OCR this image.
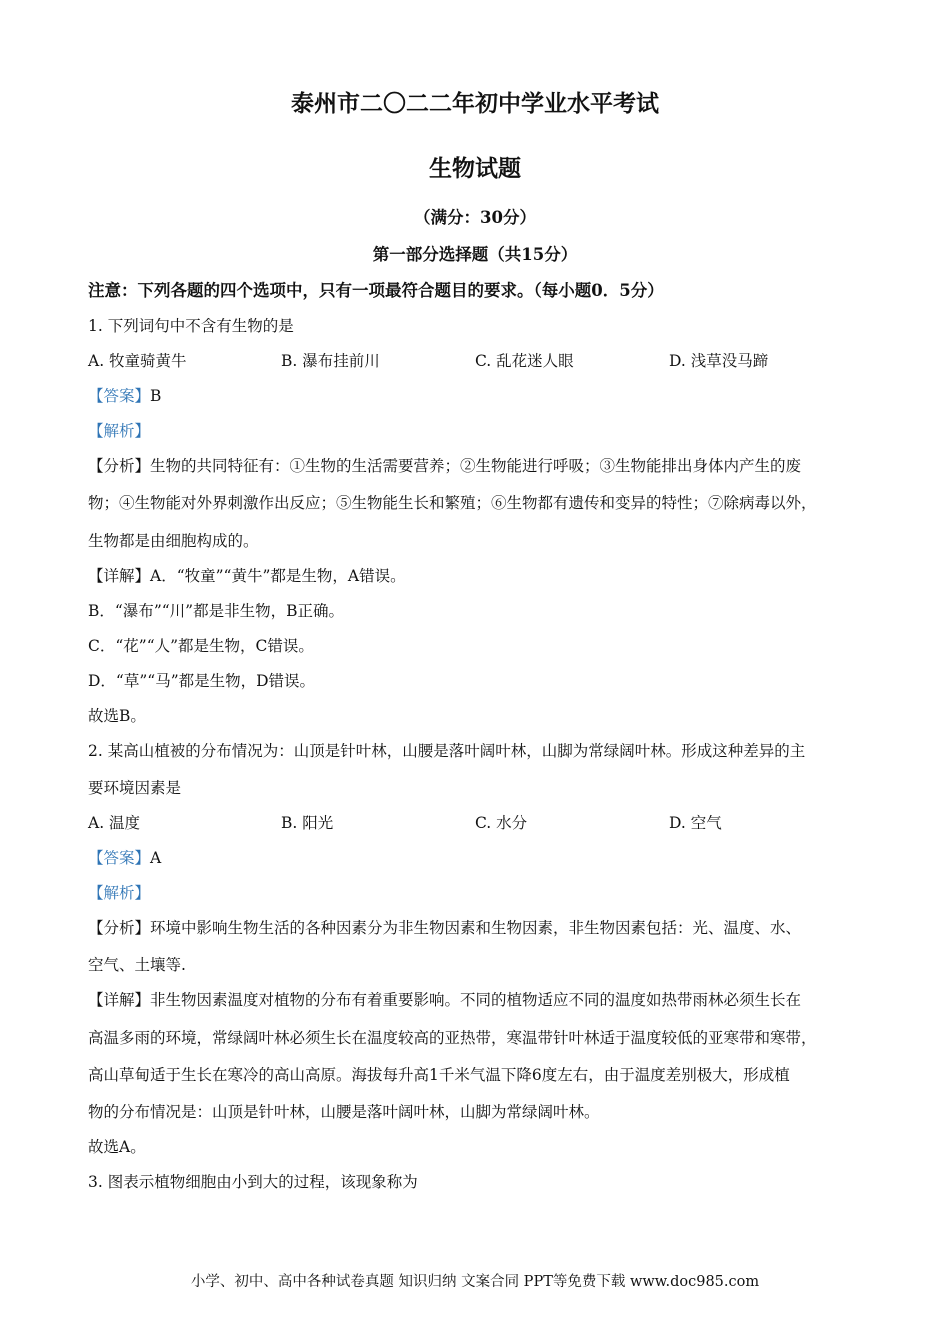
泰州市二〇二二年初中学业水平考试
生物试题
（满分：30分）
第一部分选择题（共15分）
注意：下列各题的四个选项中，只有一项最符合题目的要求。（每小题0．5分）
1. 下列词句中不含有生物的是
A. 牧童骑黄牛	B. 瀑布挂前川	C. 乱花迷人眼	D. 浅草没马蹄
【答案】B
【解析】
【分析】生物的共同特征有：①生物的生活需要营养；②生物能进行呼吸；③生物能排出身体内产生的废
物；④生物能对外界刺激作出反应；⑤生物能生长和繁殖；⑥生物都有遗传和变异的特性；⑦除病毒以外，
生物都是由细胞构成的。
【详解】A．“牧童”“黄牛”都是生物，A错误。
B．“瀑布”“川”都是非生物，B正确。
C．“花”“人”都是生物，C错误。
D．“草”“马”都是生物，D错误。
故选B。
2. 某高山植被的分布情况为：山顶是针叶林，山腰是落叶阔叶林，山脚为常绿阔叶林。形成这种差异的主
要环境因素是
A. 温度	B. 阳光	C. 水分	D. 空气
【答案】A
【解析】
【分析】环境中影响生物生活的各种因素分为非生物因素和生物因素，非生物因素包括：光、温度、水、
空气、土壤等.
【详解】非生物因素温度对植物的分布有着重要影响。不同的植物适应不同的温度如热带雨林必须生长在
高温多雨的环境，常绿阔叶林必须生长在温度较高的亚热带，寒温带针叶林适于温度较低的亚寒带和寒带，
高山草甸适于生长在寒冷的高山高原。海拔每升高1千米气温下降6度左右，由于温度差别极大，形成植
物的分布情况是：山顶是针叶林，山腰是落叶阔叶林，山脚为常绿阔叶林。
故选A。
3. 图表示植物细胞由小到大的过程，该现象称为
小学、初中、高中各种试卷真题 知识归纳 文案合同 PPT等免费下载 www.doc985.com
